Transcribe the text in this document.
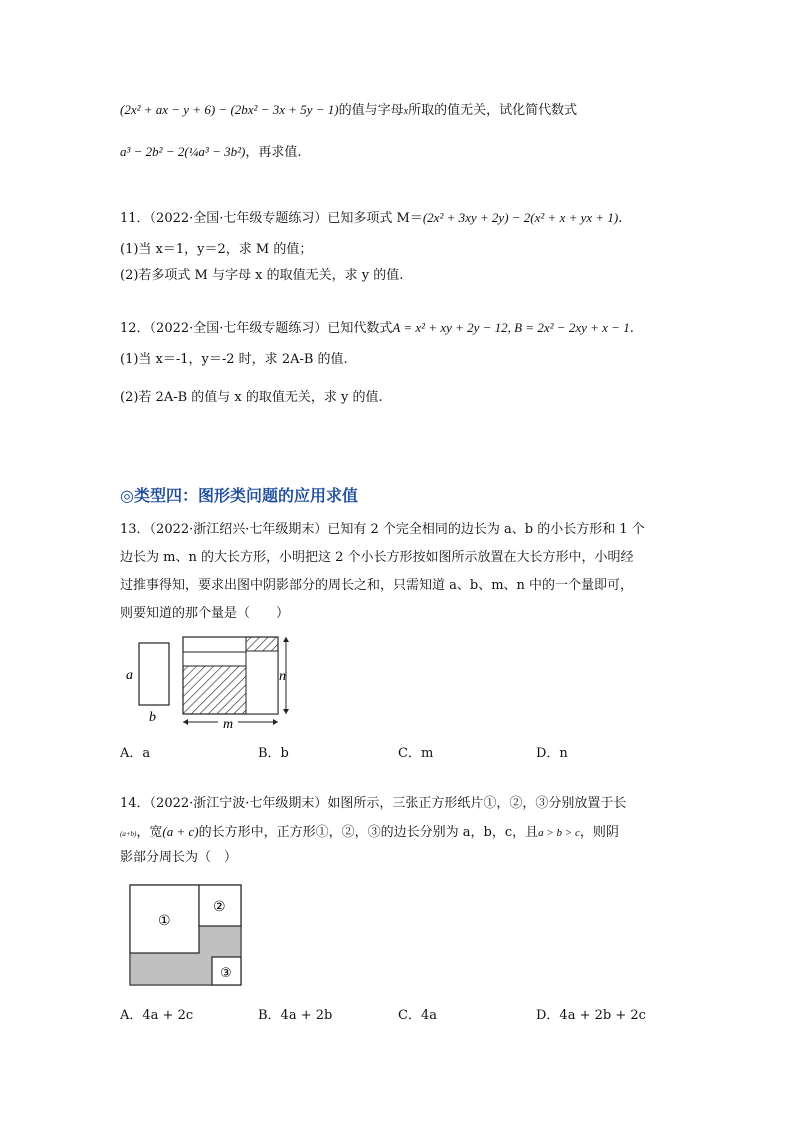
(2x² + ax − y + 6) − (2bx² − 3x + 5y − 1)的值与字母x所取的值无关，试化简代数式
a³ − 2b² − 2(¼a³ − 3b²)，再求值.
11．（2022·全国·七年级专题练习）已知多项式 M＝(2x² + 3xy + 2y) − 2(x² + x + yx + 1).
(1)当 x＝1，y＝2，求 M 的值；
(2)若多项式 M 与字母 x 的取值无关，求 y 的值.
12．（2022·全国·七年级专题练习）已知代数式A = x² + xy + 2y − 12, B = 2x² − 2xy + x − 1.
(1)当 x＝-1，y＝-2 时，求 2A-B 的值.
(2)若 2A-B 的值与 x 的取值无关，求 y 的值.
◎类型四：图形类问题的应用求值
13．（2022·浙江绍兴·七年级期末）已知有 2 个完全相同的边长为 a、b 的小长方形和 1 个
边长为 m、n 的大长方形，小明把这 2 个小长方形按如图所示放置在大长方形中，小明经
过推事得知，要求出图中阴影部分的周长之和，只需知道 a、b、m、n 中的一个量即可，
则要知道的那个量是（　　）
a
b
n
m
A．a	B．b	C．m	D．n
14．（2022·浙江宁波·七年级期末）如图所示，三张正方形纸片①，②，③分别放置于长
(a+b)，宽(a + c)的长方形中，正方形①，②，③的边长分别为 a，b，c，且a > b > c，则阴
影部分周长为（　）
①
②
③
A．4a + 2c	B．4a + 2b	C．4a	D．4a + 2b + 2c
